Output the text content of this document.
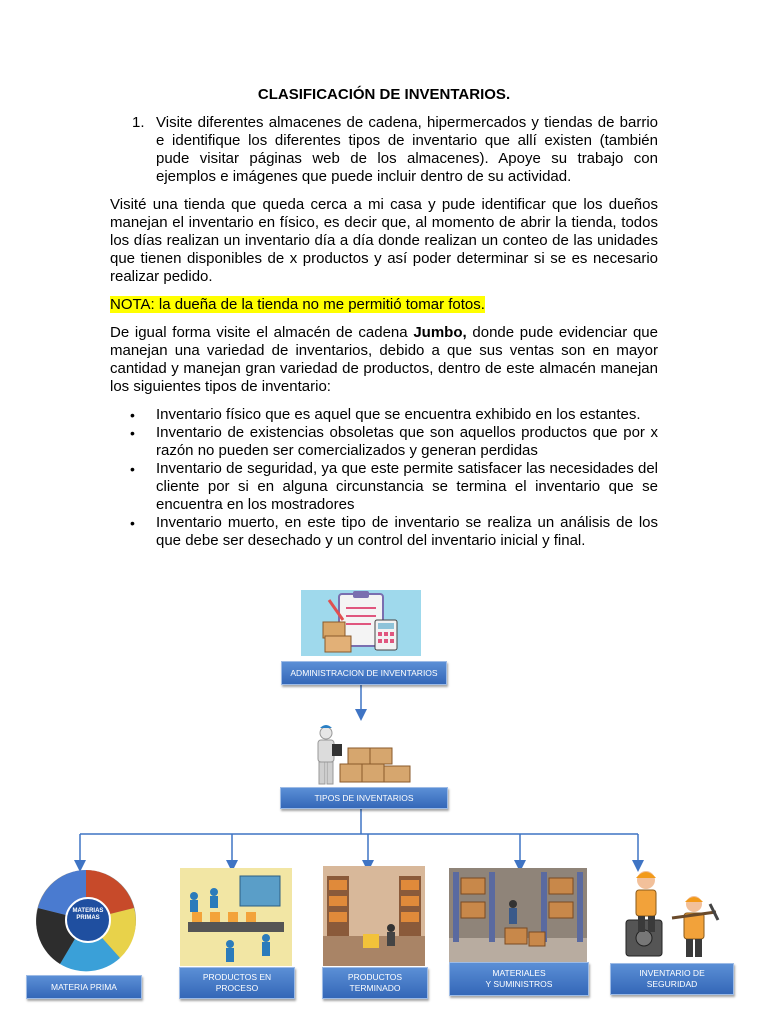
CLASIFICACIÓN DE INVENTARIOS.
1. Visite diferentes almacenes de cadena, hipermercados y tiendas de barrio e identifique los diferentes tipos de inventario que allí existen (también pude visitar páginas web de los almacenes). Apoye su trabajo con ejemplos e imágenes que puede incluir dentro de su actividad.
Visité una tienda que queda cerca a mi casa y pude identificar que los dueños manejan el inventario en físico, es decir que, al momento de abrir la tienda, todos los días realizan un inventario día a día donde realizan un conteo de las unidades que tienen disponibles de x productos y así poder determinar si se es necesario realizar pedido.
NOTA: la dueña de la tienda no me permitió tomar fotos.
De igual forma visite el almacén de cadena Jumbo, donde pude evidenciar que manejan una variedad de inventarios, debido a que sus ventas son en mayor cantidad y manejan gran variedad de productos, dentro de este almacén manejan los siguientes tipos de inventario:
• Inventario físico que es aquel que se encuentra exhibido en los estantes.
• Inventario de existencias obsoletas que son aquellos productos que por x razón no pueden ser comercializados y generan perdidas
• Inventario de seguridad, ya que este permite satisfacer las necesidades del cliente por si en alguna circunstancia se termina el inventario que se encuentra en los mostradores
• Inventario muerto, en este tipo de inventario se realiza un análisis de los que debe ser desechado y un control del inventario inicial y final.
ADMINISTRACION DE INVENTARIOS
TIPOS DE INVENTARIOS
MATERIAS PRIMAS
MATERIA PRIMA
PRODUCTOS EN
PROCESO
PRODUCTOS
TERMINADO
MATERIALES
Y SUMINISTROS
INVENTARIO DE
SEGURIDAD
